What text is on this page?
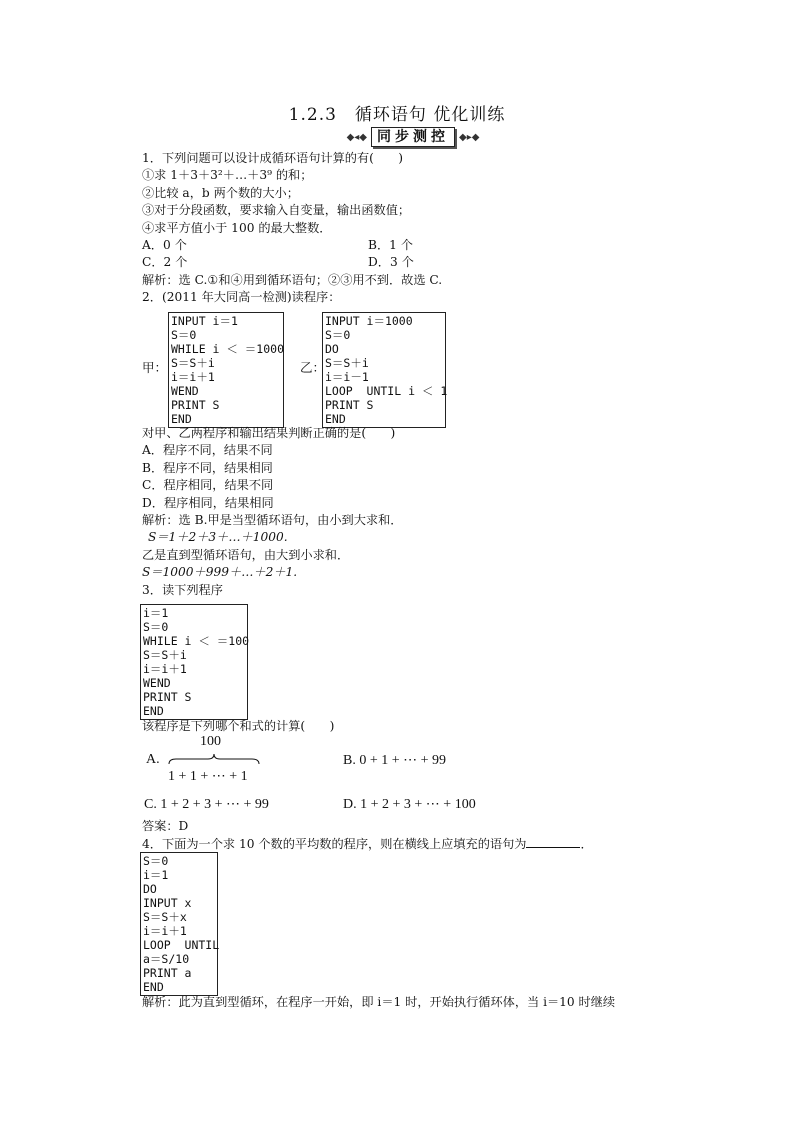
1.2.3　循环语句 优化训练
◆◂◆ 同步测控	◆▸◆
1．下列问题可以设计成循环语句计算的有(　　)
①求 1＋3＋3²＋…＋3⁹ 的和；
②比较 a，b 两个数的大小；
③对于分段函数，要求输入自变量，输出函数值；
④求平方值小于 100 的最大整数．
A．0 个	B．1 个
C．2 个	D．3 个
解析：选 C.①和④用到循环语句；②③用不到．故选 C.
2．(2011 年大同高一检测)读程序：
甲：
INPUT i＝1
S＝0
WHILE i ＜ ＝1000
S＝S＋i
i＝i＋1
WEND
PRINT S
END
乙：
INPUT i＝1000
S＝0
DO
S＝S＋i
i＝i－1
LOOP  UNTIL i ＜ 1
PRINT S
END
对甲、乙两程序和输出结果判断正确的是(　　)
A．程序不同，结果不同
B．程序不同，结果相同
C．程序相同，结果不同
D．程序相同，结果相同
解析：选 B.甲是当型循环语句，由小到大求和．
S＝1＋2＋3＋…＋1000.
乙是直到型循环语句，由大到小求和．
S＝1000＋999＋…＋2＋1.
3．读下列程序
i＝1
S＝0
WHILE i ＜ ＝100
S＝S＋i
i＝i＋1
WEND
PRINT S
END
该程序是下列哪个和式的计算(　　)
100
A.
1 + 1 + ⋯ + 1
B. 0 + 1 + ⋯ + 99
C. 1 + 2 + 3 + ⋯ + 99	D. 1 + 2 + 3 + ⋯ + 100
答案：D
4．下面为一个求 10 个数的平均数的程序，则在横线上应填充的语句为	．
S＝0
i＝1
DO
INPUT x
S＝S＋x
i＝i＋1
LOOP  UNTIL
a＝S/10
PRINT a
END
解析：此为直到型循环，在程序一开始，即 i＝1 时，开始执行循环体，当 i＝10 时继续
